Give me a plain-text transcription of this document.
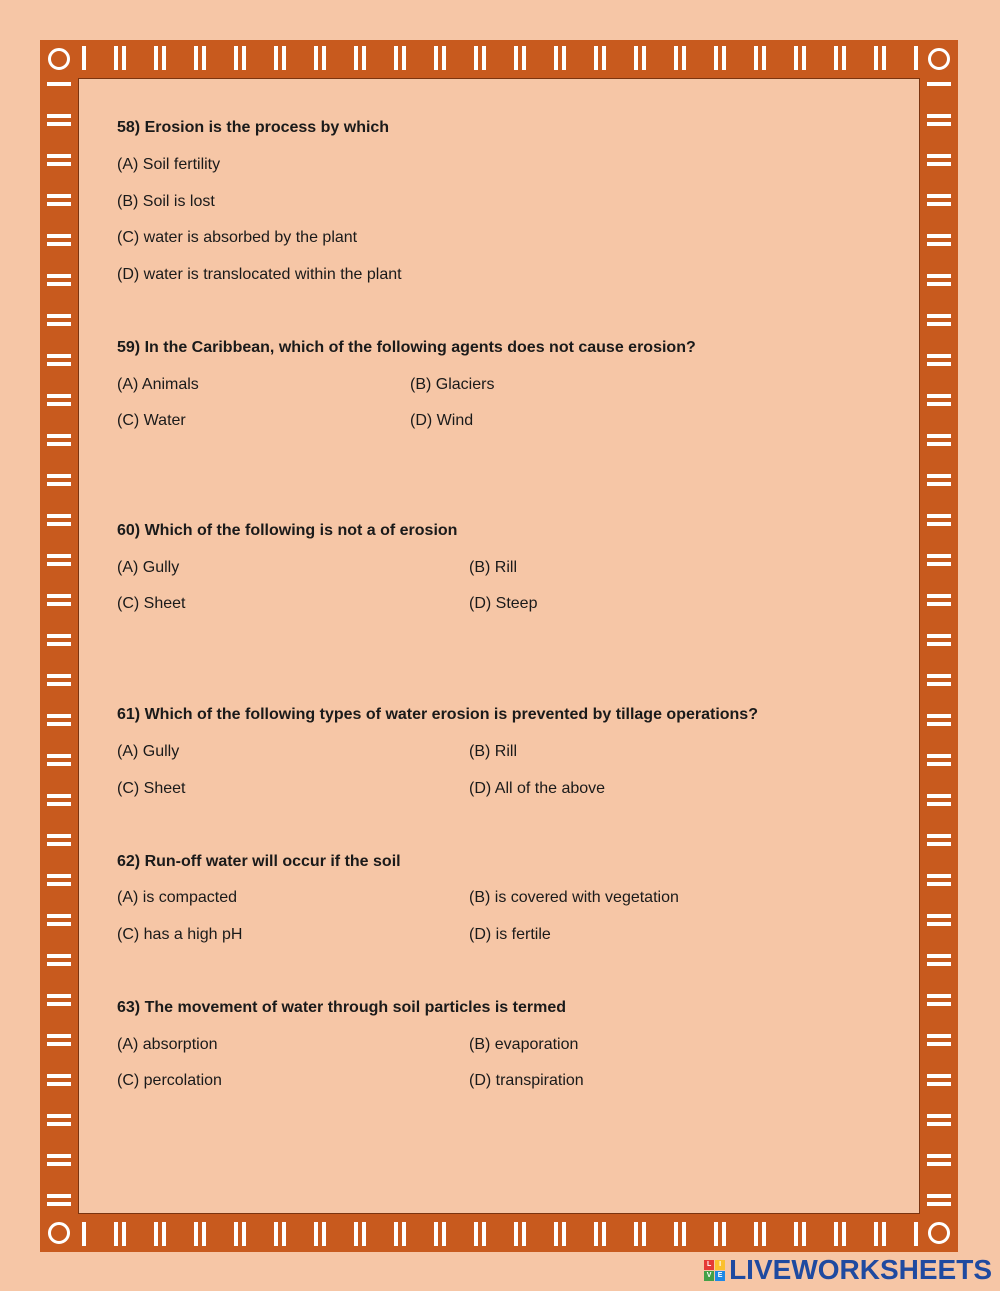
58) Erosion is the process by which
(A) Soil fertility
(B) Soil is lost
(C) water is absorbed by the plant
(D) water is translocated within the plant
59) In the Caribbean, which of the following agents does not cause erosion?
(A) Animals	(B) Glaciers
(C) Water	(D) Wind
60) Which of the following is not a of erosion
(A) Gully	(B) Rill
(C) Sheet	(D) Steep
61) Which of the following types of water erosion is prevented by tillage operations?
(A) Gully	(B) Rill
(C) Sheet	(D) All of the above
62) Run-off water will occur if the soil
(A) is compacted	(B) is covered with vegetation
(C) has a high pH	(D) is fertile
63) The movement of water through soil particles is termed
(A) absorption	(B) evaporation
(C) percolation	(D) transpiration
L	I
V E LIVEWORKSHEETS
